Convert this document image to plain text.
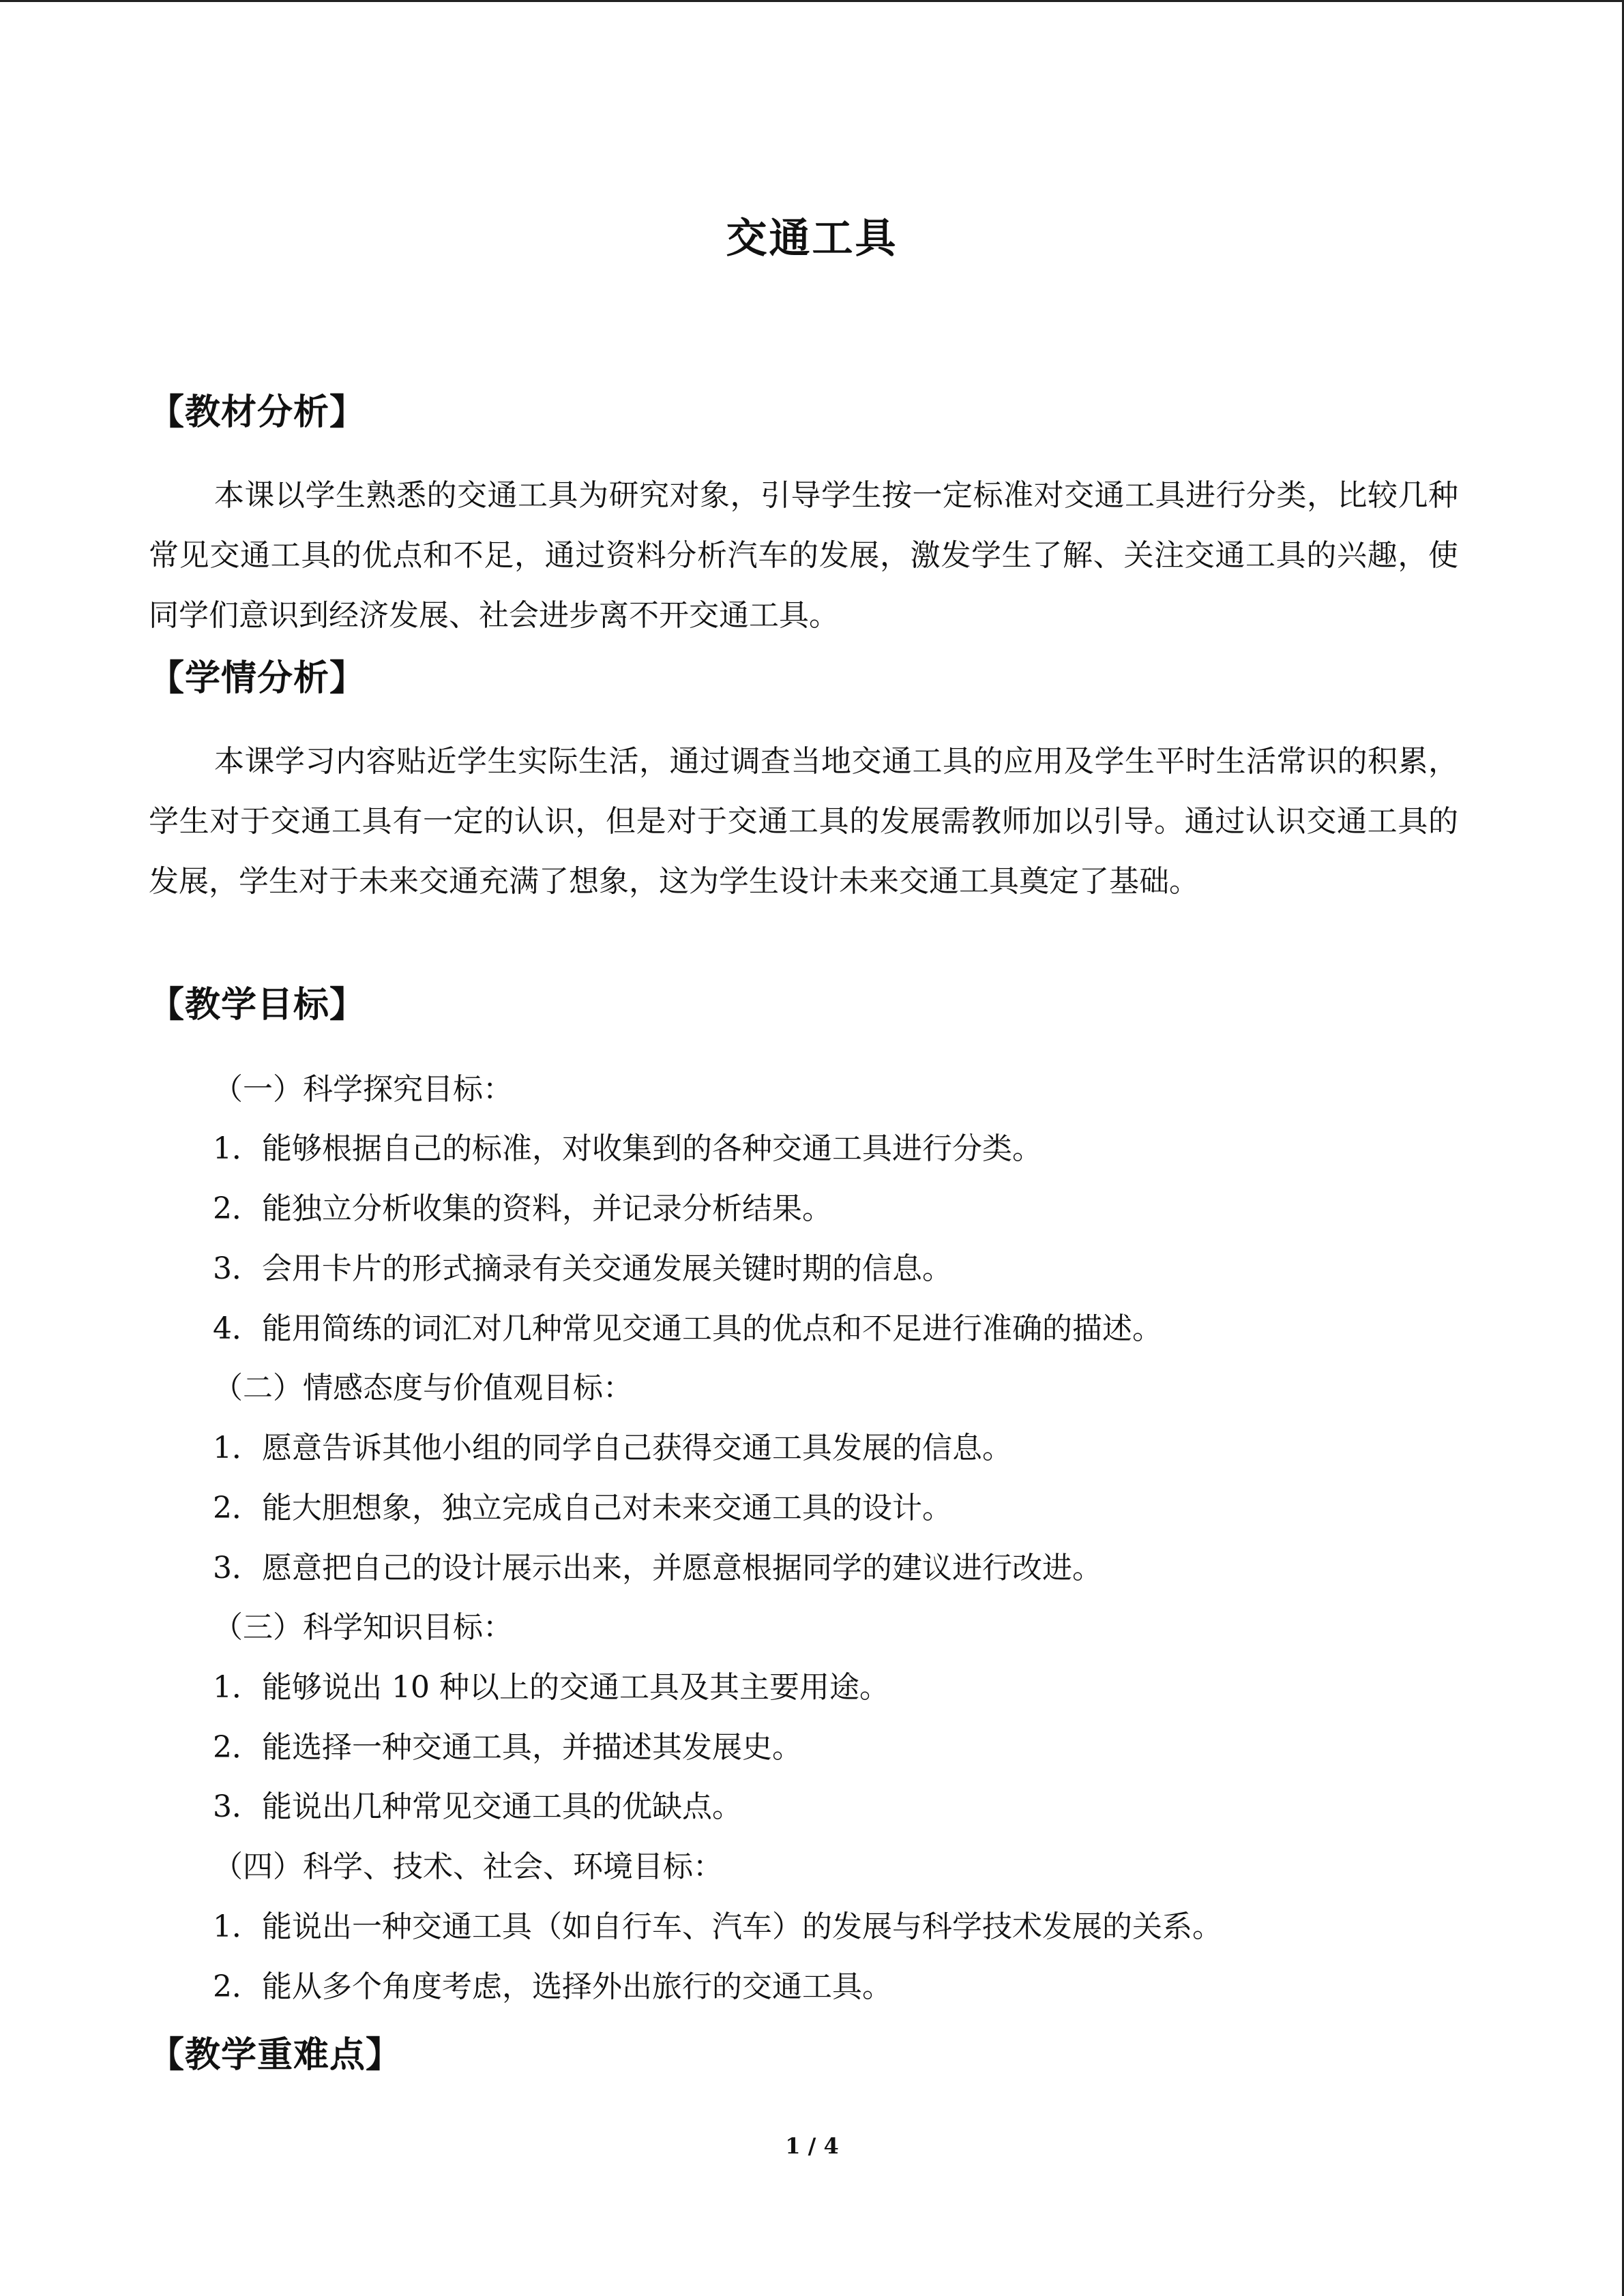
交通工具
【教材分析】

本课以学生熟悉的交通工具为研究对象，引导学生按一定标准对交通工具进行分类，比较几种常见交通工具的优点和不足，通过资料分析汽车的发展，激发学生了解、关注交通工具的兴趣，使同学们意识到经济发展、社会进步离不开交通工具。

【学情分析】

本课学习内容贴近学生实际生活，通过调查当地交通工具的应用及学生平时生活常识的积累，学生对于交通工具有一定的认识，但是对于交通工具的发展需教师加以引导。通过认识交通工具的发展，学生对于未来交通充满了想象，这为学生设计未来交通工具奠定了基础。

【教学目标】
（一）科学探究目标：
1．能够根据自己的标准，对收集到的各种交通工具进行分类。
2．能独立分析收集的资料，并记录分析结果。
3．会用卡片的形式摘录有关交通发展关键时期的信息。
4．能用简练的词汇对几种常见交通工具的优点和不足进行准确的描述。
（二）情感态度与价值观目标：
1．愿意告诉其他小组的同学自己获得交通工具发展的信息。
2．能大胆想象，独立完成自己对未来交通工具的设计。
3．愿意把自己的设计展示出来，并愿意根据同学的建议进行改进。
（三）科学知识目标：
1．能够说出 10 种以上的交通工具及其主要用途。
2．能选择一种交通工具，并描述其发展史。
3．能说出几种常见交通工具的优缺点。
（四）科学、技术、社会、环境目标：
1．能说出一种交通工具（如自行车、汽车）的发展与科学技术发展的关系。
2．能从多个角度考虑，选择外出旅行的交通工具。
【教学重难点】
1 / 4
